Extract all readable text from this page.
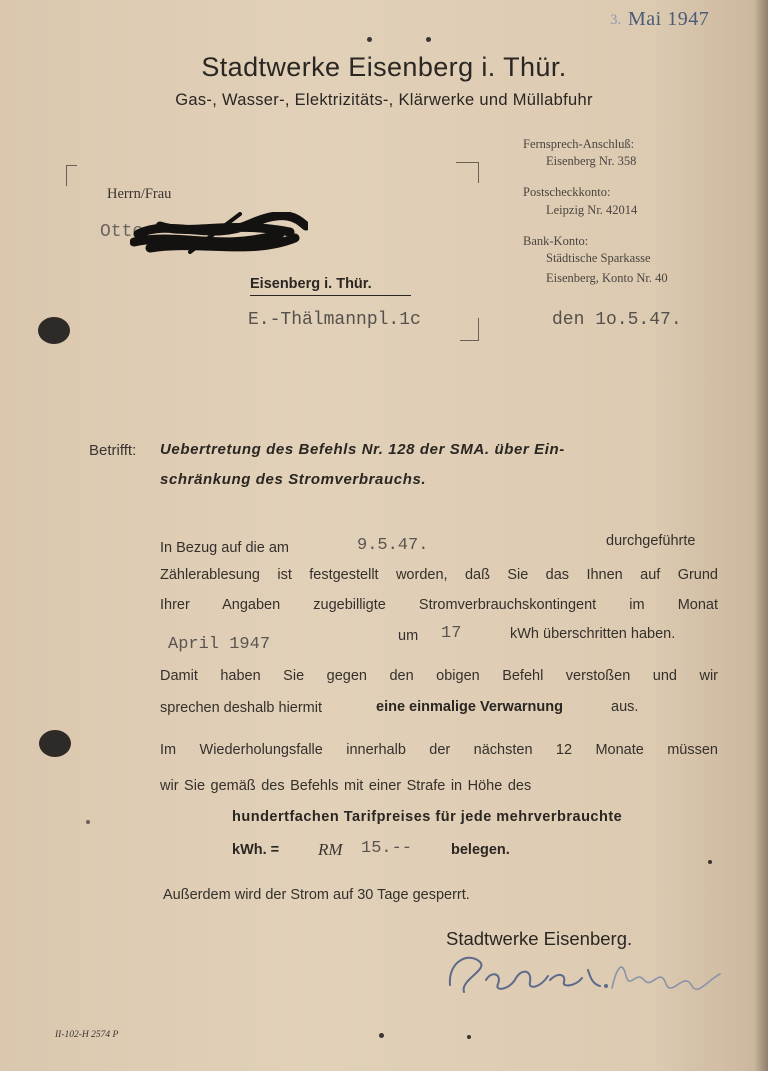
3. Mai 1947
Stadtwerke Eisenberg i. Thür.
Gas-, Wasser-, Elektrizitäts-, Klärwerke und Müllabfuhr
Fernsprech-Anschluß:
Eisenberg Nr. 358
Postscheckkonto:
Leipzig Nr. 42014
Bank-Konto:
Städtische Sparkasse
Eisenberg, Konto Nr. 40
Herrn/Frau
Otto
Eisenberg i. Thür.
E.-Thälmannpl.1c	den 1o.5.47.
Betrifft: Uebertretung des Befehls Nr. 128 der SMA. über Ein-
schränkung des Stromverbrauchs.
In Bezug auf die am	9.5.47.	durchgeführte
Zählerablesung ist festgestellt worden, daß Sie das Ihnen auf Grund
Ihrer Angaben zugebilligte Stromverbrauchskontingent im Monat
April 1947	um 17	kWh überschritten haben.
Damit haben Sie gegen den obigen Befehl verstoßen und wir
sprechen deshalb hiermit	eine einmalige Verwarnung	aus.
Im Wiederholungsfalle innerhalb der nächsten 12 Monate müssen
wir Sie gemäß des Befehls mit einer Strafe in Höhe des
hundertfachen Tarifpreises für jede mehrverbrauchte
kWh. = RM 15.--	belegen.
Außerdem wird der Strom auf 30 Tage gesperrt.
Stadtwerke Eisenberg.
II-102-H 2574 P
